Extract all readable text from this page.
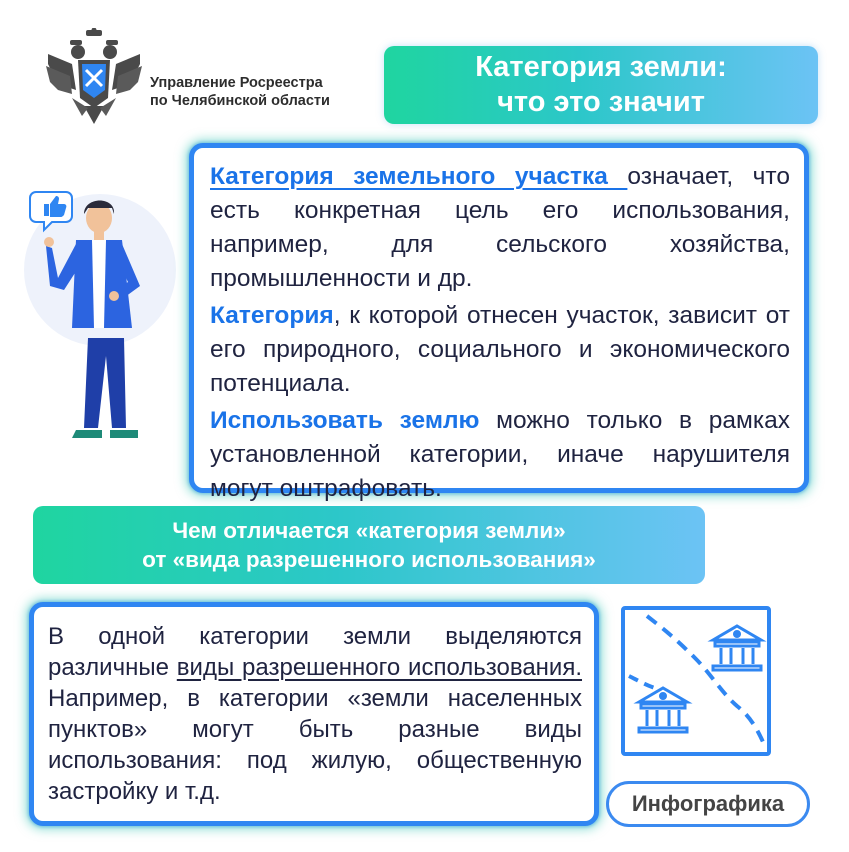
Управление Росреестра
по Челябинской области
Категория земли:
что это значит

Категория земельного участка означает, что есть конкретная цель его использования, например, для сельского хозяйства, промышленности и др.

Категория, к которой отнесен участок, зависит от его природного, социального и экономического потенциала.

Использовать землю можно только в рамках установленной категории, иначе нарушителя могут оштрафовать.

Чем отличается «категория земли»
от «вида разрешенного использования»

В одной категории земли выделяются различные виды разрешенного использования. Например, в категории «земли населенных пунктов» могут быть разные виды использования: под жилую, общественную застройку и т.д.	Инфографика
